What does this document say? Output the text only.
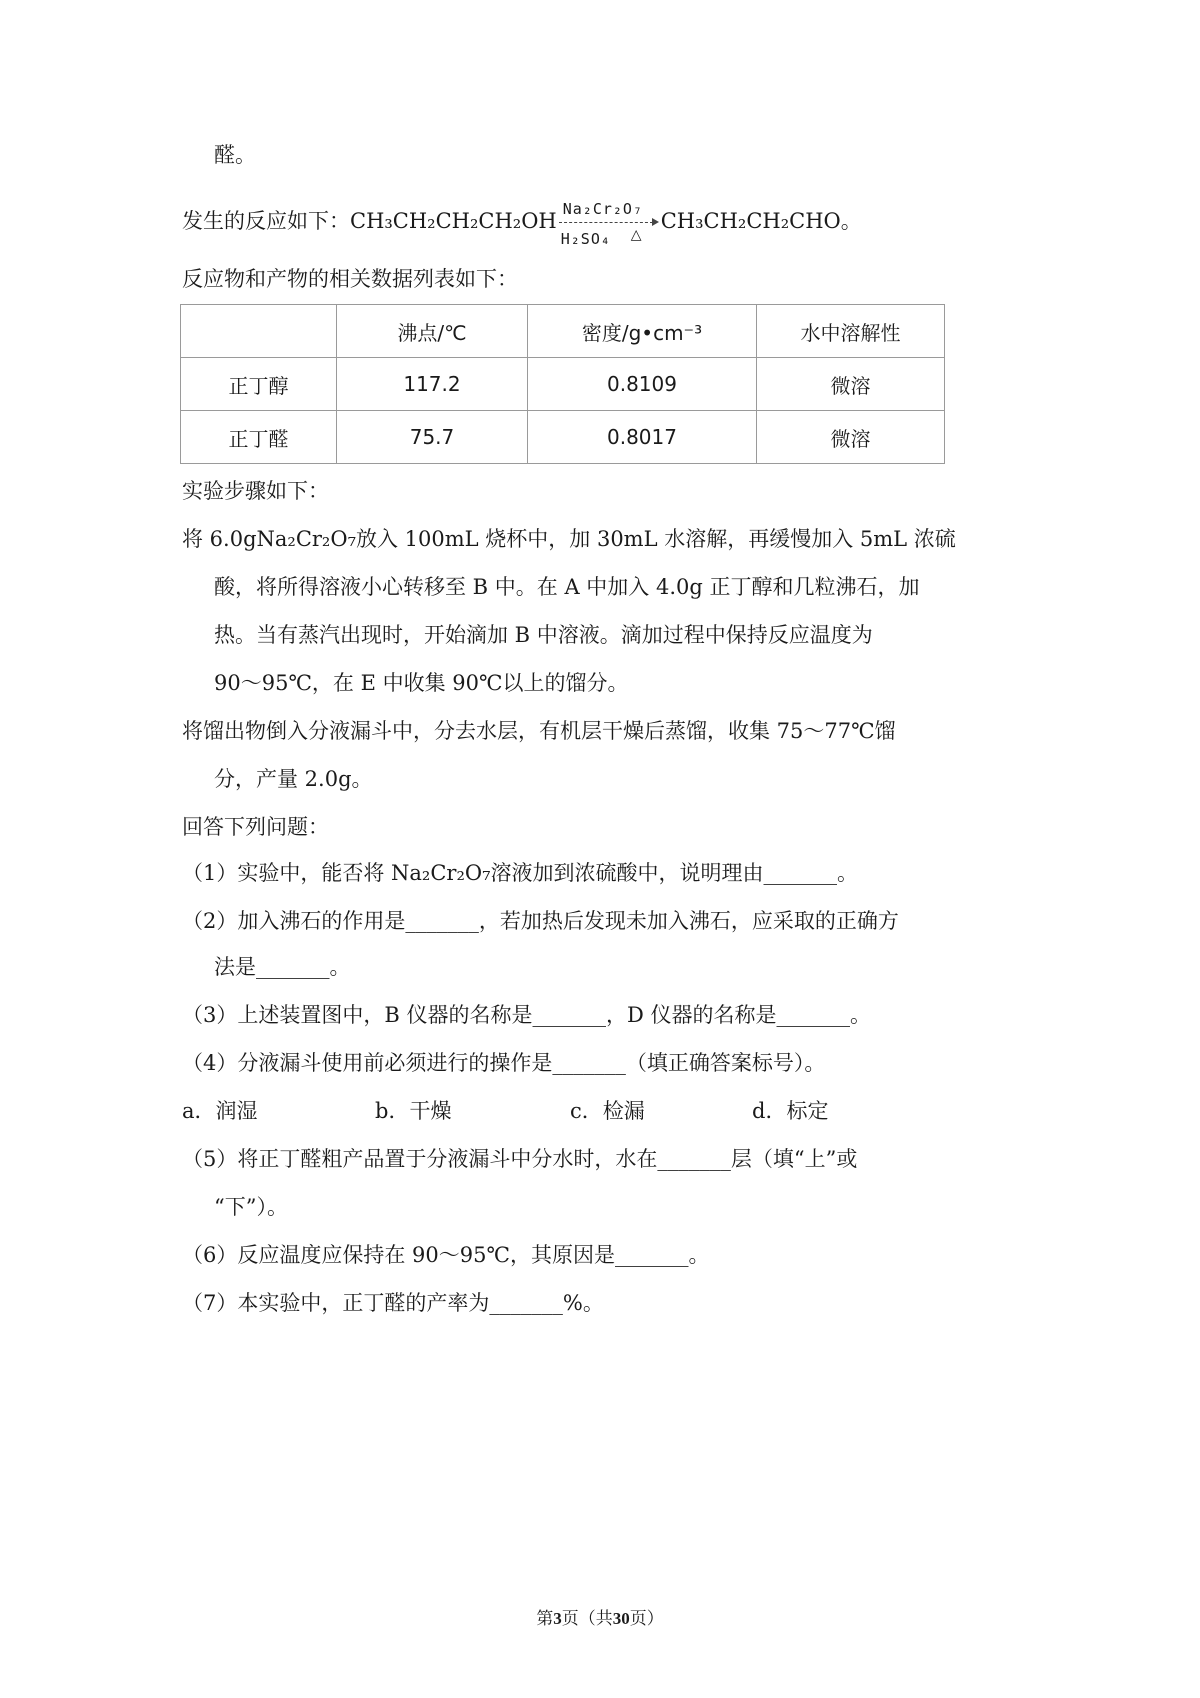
醛。
发生的反应如下：CH₃CH₂CH₂CH₂OH
Na₂Cr₂O₇
H₂SO₄ △
CH₃CH₂CH₂CHO。
反应物和产物的相关数据列表如下：
	沸点/℃	密度/g•cm⁻³	水中溶解性
正丁醇	117.2	0.8109	微溶
正丁醛	75.7	0.8017	微溶
实验步骤如下：
将 6.0gNa₂Cr₂O₇放入 100mL 烧杯中，加 30mL 水溶解，再缓慢加入 5mL 浓硫
酸，将所得溶液小心转移至 B 中。在 A 中加入 4.0g 正丁醇和几粒沸石，加
热。当有蒸汽出现时，开始滴加 B 中溶液。滴加过程中保持反应温度为
90～95℃，在 E 中收集 90℃以上的馏分。
将馏出物倒入分液漏斗中，分去水层，有机层干燥后蒸馏，收集 75～77℃馏
分，产量 2.0g。
回答下列问题：
（1）实验中，能否将 Na₂Cr₂O₇溶液加到浓硫酸中，说明理由_______。
（2）加入沸石的作用是_______，若加热后发现未加入沸石，应采取的正确方
法是_______。
（3）上述装置图中，B 仪器的名称是_______，D 仪器的名称是_______。
（4）分液漏斗使用前必须进行的操作是_______（填正确答案标号）。
a．润湿	b．干燥	c．检漏	d．标定
（5）将正丁醛粗产品置于分液漏斗中分水时，水在_______层（填“上”或
“下”）。
（6）反应温度应保持在 90～95℃，其原因是_______。
（7）本实验中，正丁醛的产率为_______%。
第3页（共30页）
